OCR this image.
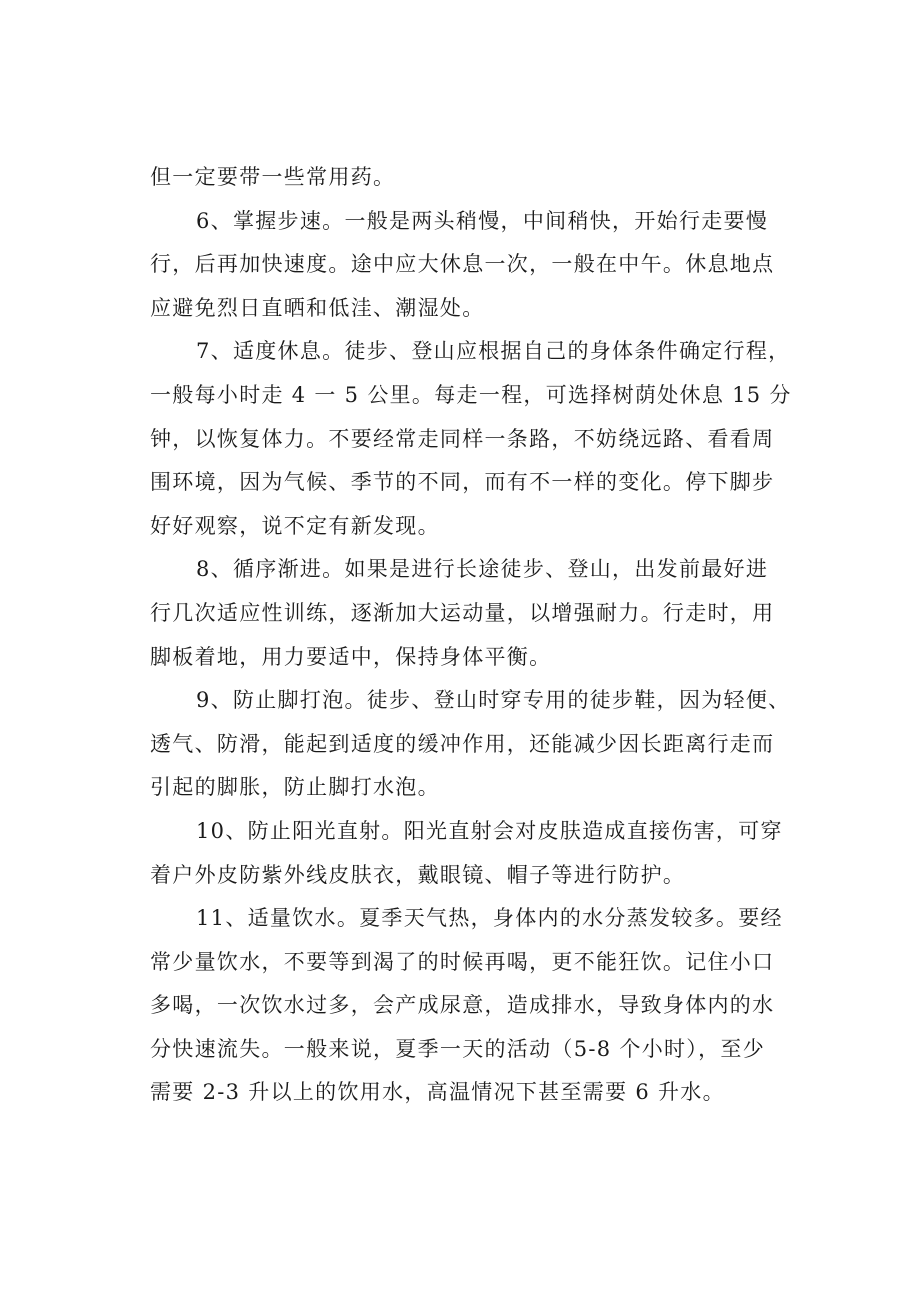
但一定要带一些常用药。
6、掌握步速。一般是两头稍慢，中间稍快，开始行走要慢
行，后再加快速度。途中应大休息一次，一般在中午。休息地点
应避免烈日直晒和低洼、潮湿处。
7、适度休息。徒步、登山应根据自己的身体条件确定行程，
一般每小时走 4 一 5 公里。每走一程，可选择树荫处休息 15 分
钟，以恢复体力。不要经常走同样一条路，不妨绕远路、看看周
围环境，因为气候、季节的不同，而有不一样的变化。停下脚步
好好观察，说不定有新发现。
8、循序渐进。如果是进行长途徒步、登山，出发前最好进
行几次适应性训练，逐渐加大运动量，以增强耐力。行走时，用
脚板着地，用力要适中，保持身体平衡。
9、防止脚打泡。徒步、登山时穿专用的徒步鞋，因为轻便、
透气、防滑，能起到适度的缓冲作用，还能减少因长距离行走而
引起的脚胀，防止脚打水泡。
10、防止阳光直射。阳光直射会对皮肤造成直接伤害，可穿
着户外皮防紫外线皮肤衣，戴眼镜、帽子等进行防护。
11、适量饮水。夏季天气热，身体内的水分蒸发较多。要经
常少量饮水，不要等到渴了的时候再喝，更不能狂饮。记住小口
多喝，一次饮水过多，会产成尿意，造成排水，导致身体内的水
分快速流失。一般来说，夏季一天的活动（5-8 个小时），至少
需要 2-3 升以上的饮用水，高温情况下甚至需要 6 升水。
